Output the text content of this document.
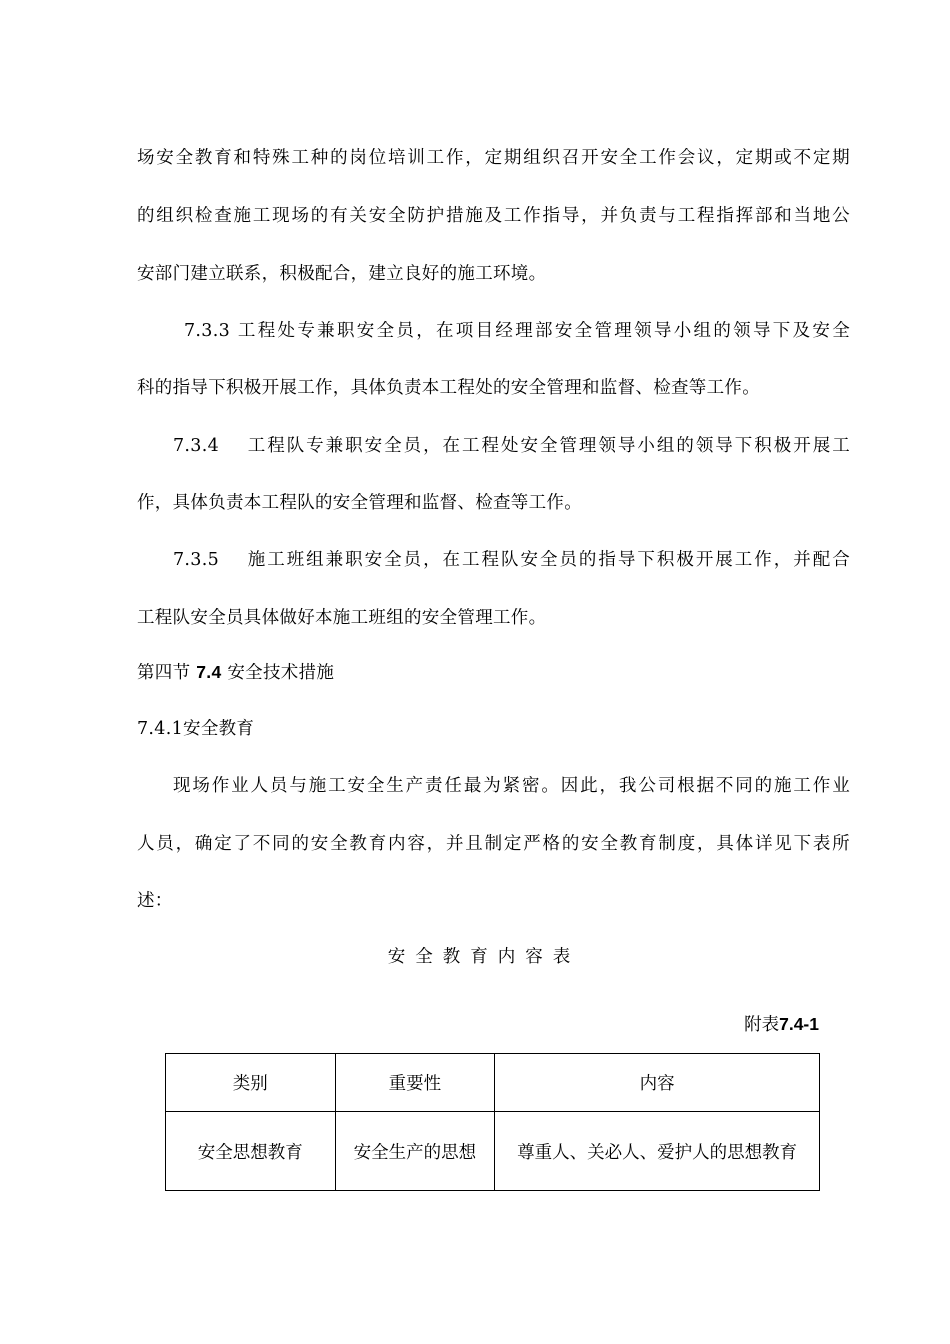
场安全教育和特殊工种的岗位培训工作，定期组织召开安全工作会议，定期或不定期
的组织检查施工现场的有关安全防护措施及工作指导，并负责与工程指挥部和当地公
安部门建立联系，积极配合，建立良好的施工环境。
7.3.3 工程处专兼职安全员，在项目经理部安全管理领导小组的领导下及安全
科的指导下积极开展工作，具体负责本工程处的安全管理和监督、检查等工作。
7.3.4　 工程队专兼职安全员，在工程处安全管理领导小组的领导下积极开展工
作，具体负责本工程队的安全管理和监督、检查等工作。
7.3.5　 施工班组兼职安全员，在工程队安全员的指导下积极开展工作，并配合
工程队安全员具体做好本施工班组的安全管理工作。
第四节 7.4 安全技术措施
7.4.1安全教育
现场作业人员与施工安全生产责任最为紧密。因此，我公司根据不同的施工作业
人员，确定了不同的安全教育内容，并且制定严格的安全教育制度，具体详见下表所
述：
安全教育内容表
附表7.4-1
类别	重要性	内容
安全思想教育	安全生产的思想	尊重人、关必人、爱护人的思想教育
